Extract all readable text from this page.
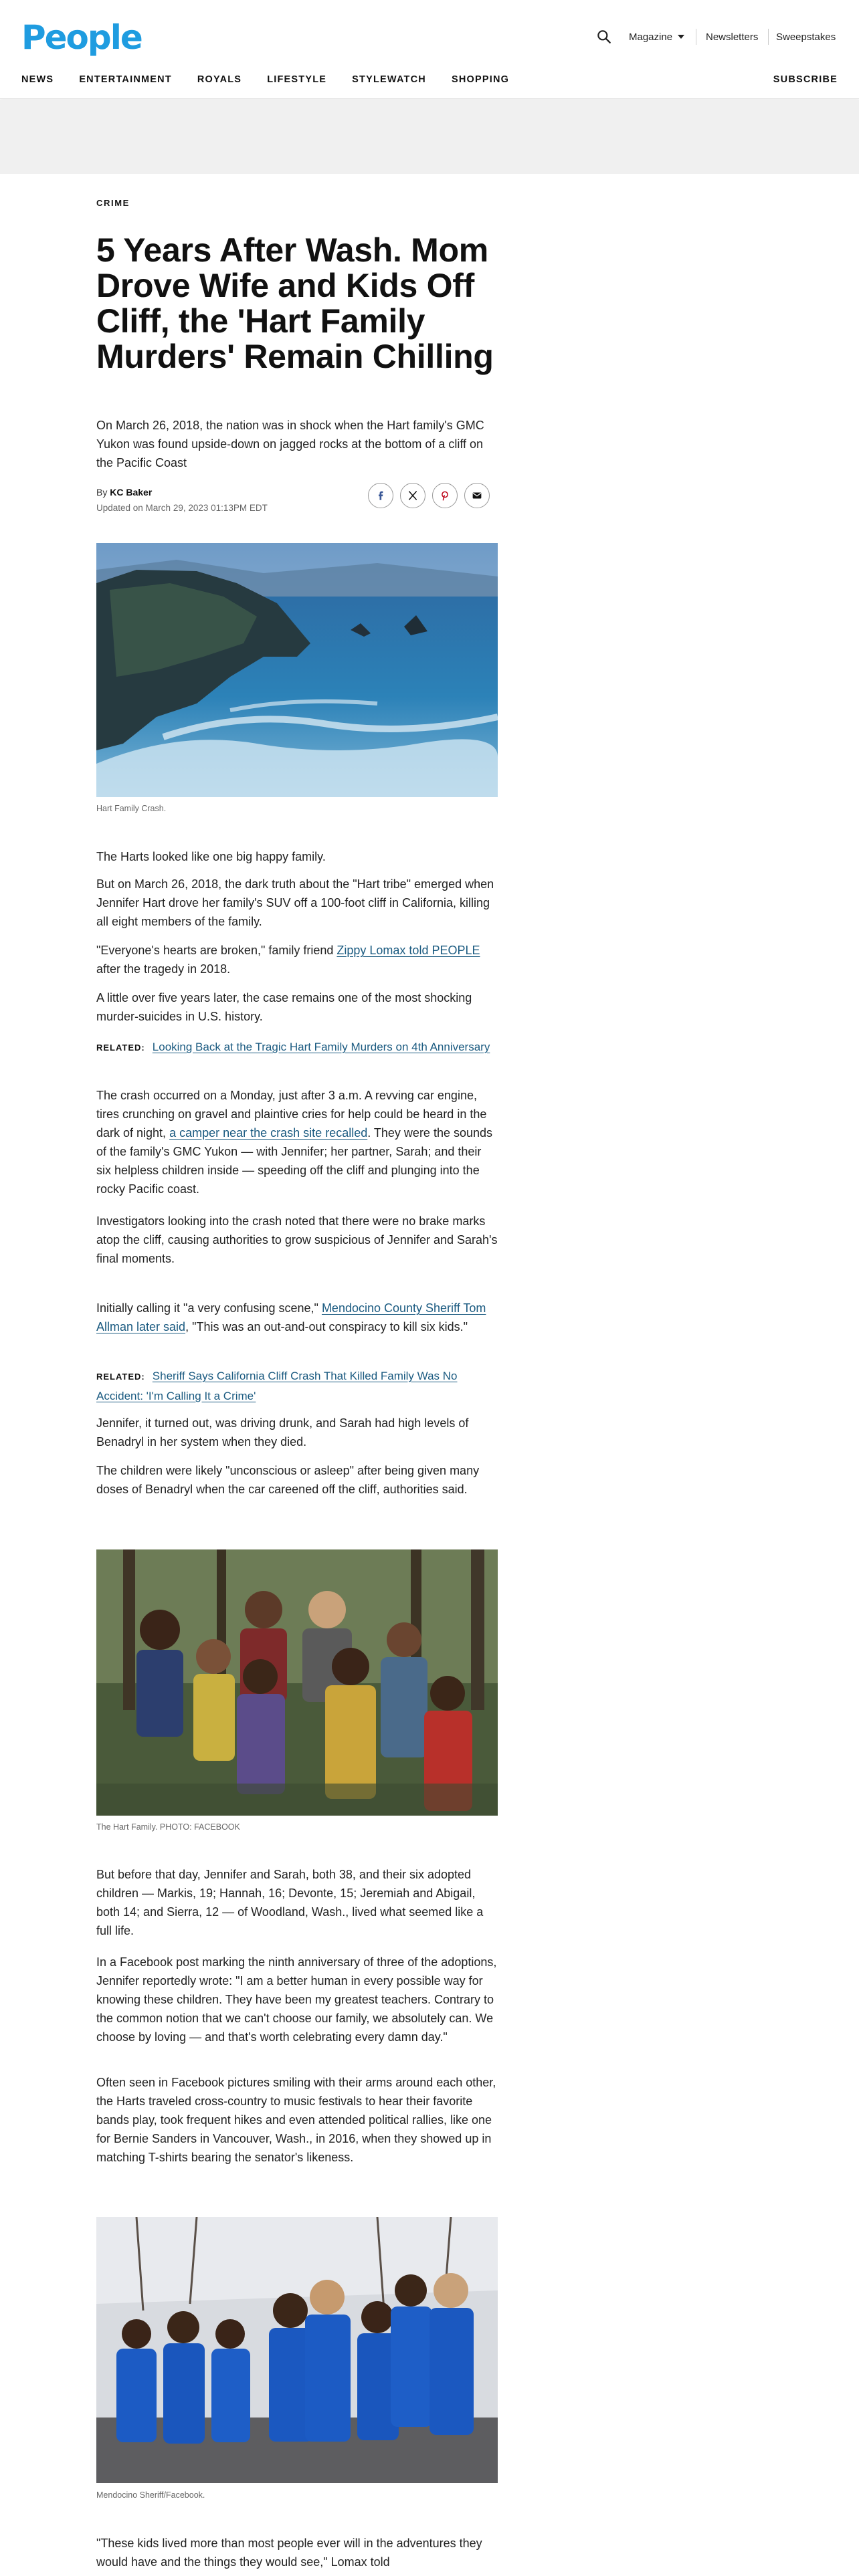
People	Magazine	Newsletters Sweepstakes
NEWS	ENTERTAINMENT	ROYALS	LIFESTYLE	STYLEWATCH	SHOPPING	SUBSCRIBE
CRIME
5 Years After Wash. Mom Drove Wife and Kids Off Cliff, the 'Hart Family Murders' Remain Chilling
On March 26, 2018, the nation was in shock when the Hart family's GMC Yukon was found upside-down on jagged rocks at the bottom of a cliff on the Pacific Coast
By KC Baker
Updated on March 29, 2023 01:13PM EDT
Hart Family Crash.
The Harts looked like one big happy family.
But on March 26, 2018, the dark truth about the "Hart tribe" emerged when Jennifer Hart drove her family's SUV off a 100-foot cliff in California, killing all eight members of the family.
"Everyone's hearts are broken," family friend Zippy Lomax told PEOPLE after the tragedy in 2018.
A little over five years later, the case remains one of the most shocking murder-suicides in U.S. history.
RELATED: Looking Back at the Tragic Hart Family Murders on 4th Anniversary
The crash occurred on a Monday, just after 3 a.m. A revving car engine, tires crunching on gravel and plaintive cries for help could be heard in the dark of night, a camper near the crash site recalled. They were the sounds of the family's GMC Yukon — with Jennifer; her partner, Sarah; and their six helpless children inside — speeding off the cliff and plunging into the rocky Pacific coast.
Investigators looking into the crash noted that there were no brake marks atop the cliff, causing authorities to grow suspicious of Jennifer and Sarah's final moments.
Initially calling it "a very confusing scene," Mendocino County Sheriff Tom Allman later said, "This was an out-and-out conspiracy to kill six kids."
RELATED: Sheriff Says California Cliff Crash That Killed Family Was No Accident: 'I'm Calling It a Crime'
Jennifer, it turned out, was driving drunk, and Sarah had high levels of Benadryl in her system when they died.
The children were likely "unconscious or asleep" after being given many doses of Benadryl when the car careened off the cliff, authorities said.
The Hart Family. PHOTO: FACEBOOK
But before that day, Jennifer and Sarah, both 38, and their six adopted children — Markis, 19; Hannah, 16; Devonte, 15; Jeremiah and Abigail, both 14; and Sierra, 12 — of Woodland, Wash., lived what seemed like a full life.
In a Facebook post marking the ninth anniversary of three of the adoptions, Jennifer reportedly wrote: "I am a better human in every possible way for knowing these children. They have been my greatest teachers. Contrary to the common notion that we can't choose our family, we absolutely can. We choose by loving — and that's worth celebrating every damn day."
Often seen in Facebook pictures smiling with their arms around each other, the Harts traveled cross-country to music festivals to hear their favorite bands play, took frequent hikes and even attended political rallies, like one for Bernie Sanders in Vancouver, Wash., in 2016, when they showed up in matching T-shirts bearing the senator's likeness.
Mendocino Sheriff/Facebook.
"These kids lived more than most people ever will in the adventures they would have and the things they would see," Lomax told
